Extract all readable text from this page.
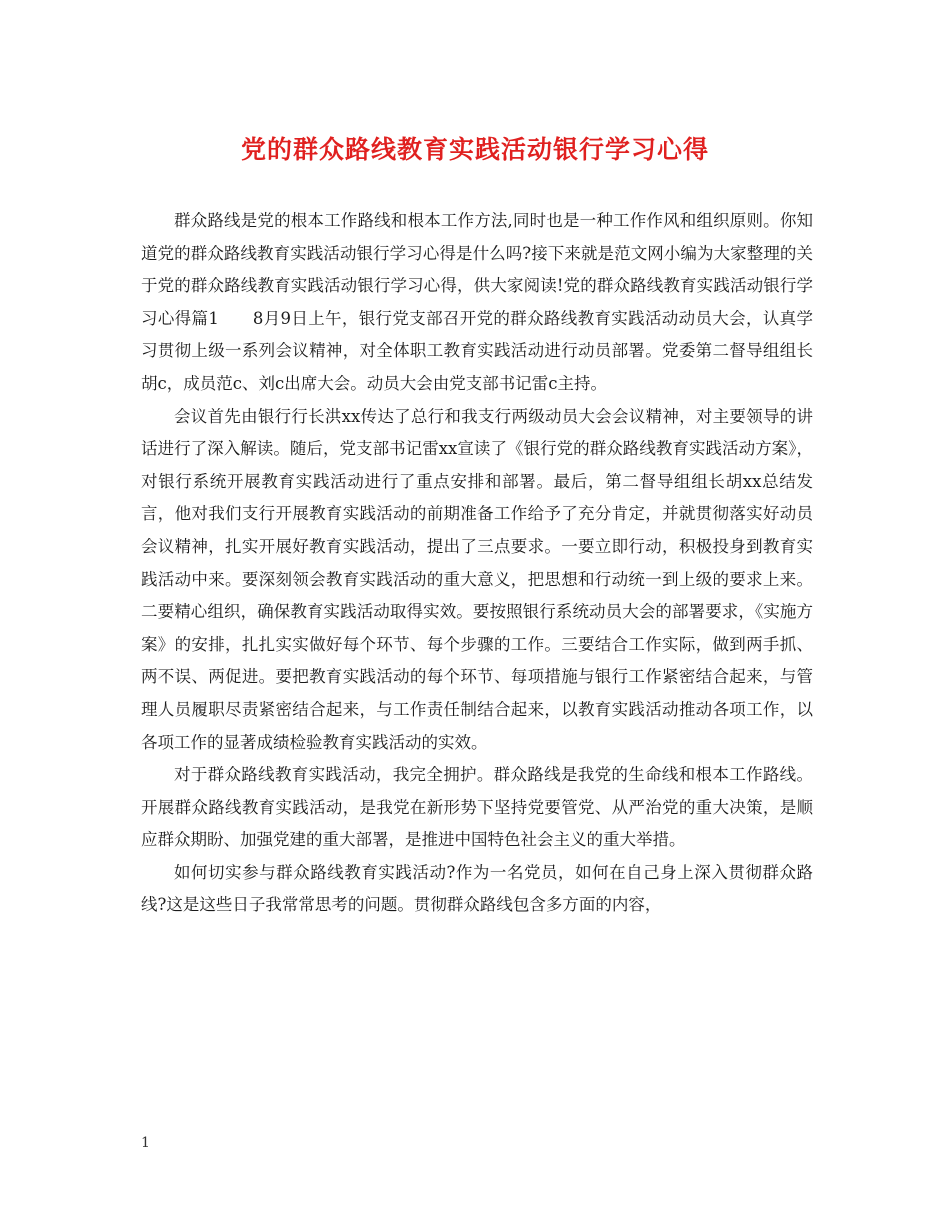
党的群众路线教育实践活动银行学习心得

群众路线是党的根本工作路线和根本工作方法,同时也是一种工作作风和组织原则。你知道党的群众路线教育实践活动银行学习心得是什么吗?接下来就是范文网小编为大家整理的关于党的群众路线教育实践活动银行学习心得，供大家阅读!党的群众路线教育实践活动银行学习心得篇1　　8月9日上午，银行党支部召开党的群众路线教育实践活动动员大会，认真学习贯彻上级一系列会议精神，对全体职工教育实践活动进行动员部署。党委第二督导组组长胡c，成员范c、刘c出席大会。动员大会由党支部书记雷c主持。

会议首先由银行行长洪xx传达了总行和我支行两级动员大会会议精神，对主要领导的讲话进行了深入解读。随后，党支部书记雷xx宣读了《银行党的群众路线教育实践活动方案》，对银行系统开展教育实践活动进行了重点安排和部署。最后，第二督导组组长胡xx总结发言，他对我们支行开展教育实践活动的前期准备工作给予了充分肯定，并就贯彻落实好动员会议精神，扎实开展好教育实践活动，提出了三点要求。一要立即行动，积极投身到教育实践活动中来。要深刻领会教育实践活动的重大意义，把思想和行动统一到上级的要求上来。二要精心组织，确保教育实践活动取得实效。要按照银行系统动员大会的部署要求，《实施方案》的安排，扎扎实实做好每个环节、每个步骤的工作。三要结合工作实际，做到两手抓、两不误、两促进。要把教育实践活动的每个环节、每项措施与银行工作紧密结合起来，与管理人员履职尽责紧密结合起来，与工作责任制结合起来，以教育实践活动推动各项工作，以各项工作的显著成绩检验教育实践活动的实效。

对于群众路线教育实践活动，我完全拥护。群众路线是我党的生命线和根本工作路线。开展群众路线教育实践活动，是我党在新形势下坚持党要管党、从严治党的重大决策，是顺应群众期盼、加强党建的重大部署，是推进中国特色社会主义的重大举措。

如何切实参与群众路线教育实践活动?作为一名党员，如何在自己身上深入贯彻群众路线?这是这些日子我常常思考的问题。贯彻群众路线包含多方面的内容，

1
